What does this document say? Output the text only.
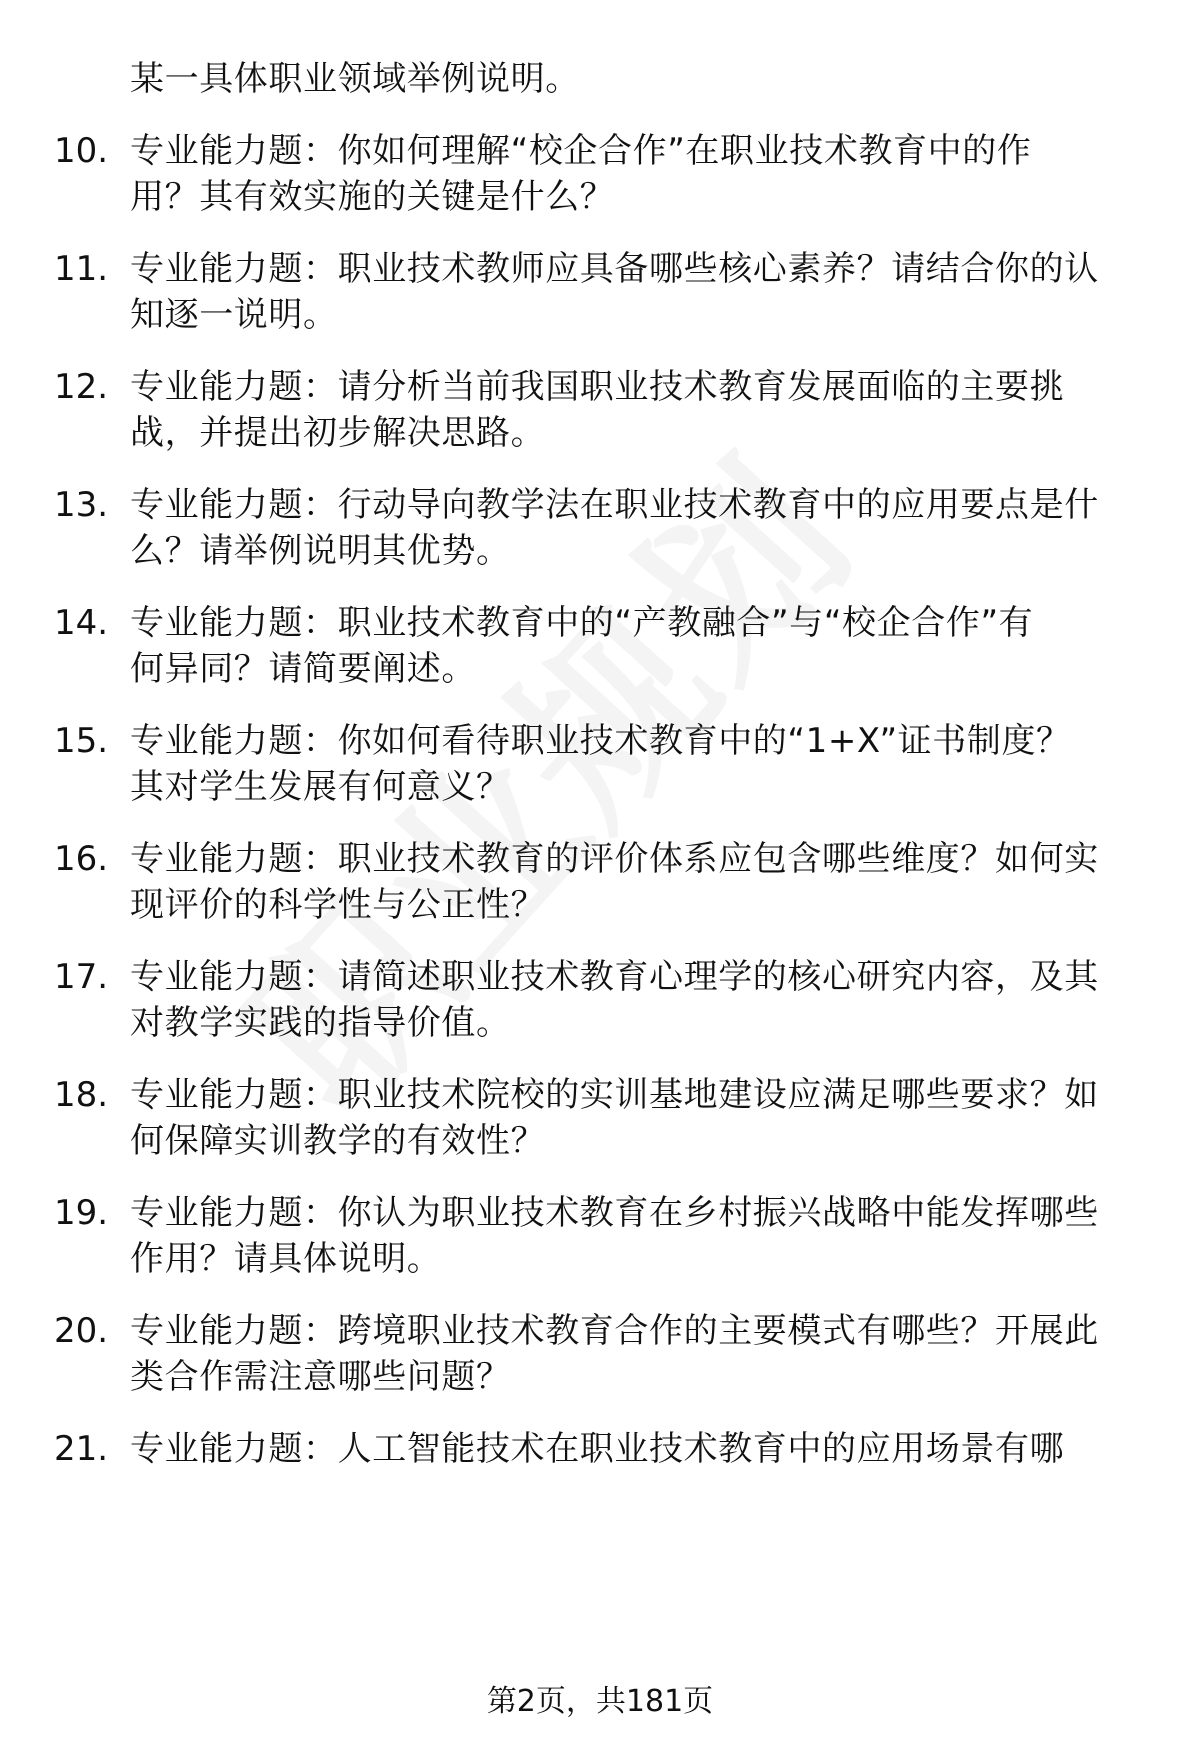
某一具体职业领域举例说明。
10. 专业能力题：你如何理解“校企合作”在职业技术教育中的作
用？其有效实施的关键是什么？
11. 专业能力题：职业技术教师应具备哪些核心素养？请结合你的认
知逐一说明。
12. 专业能力题：请分析当前我国职业技术教育发展面临的主要挑
战，并提出初步解决思路。
13. 专业能力题：行动导向教学法在职业技术教育中的应用要点是什
么？请举例说明其优势。
14. 专业能力题：职业技术教育中的“产教融合”与“校企合作”有
何异同？请简要阐述。
15. 专业能力题：你如何看待职业技术教育中的“1+X”证书制度？
其对学生发展有何意义？
16. 专业能力题：职业技术教育的评价体系应包含哪些维度？如何实
现评价的科学性与公正性？
17. 专业能力题：请简述职业技术教育心理学的核心研究内容，及其
对教学实践的指导价值。
18. 专业能力题：职业技术院校的实训基地建设应满足哪些要求？如
何保障实训教学的有效性？
19. 专业能力题：你认为职业技术教育在乡村振兴战略中能发挥哪些
作用？请具体说明。
20. 专业能力题：跨境职业技术教育合作的主要模式有哪些？开展此
类合作需注意哪些问题？
21. 专业能力题：人工智能技术在职业技术教育中的应用场景有哪
第2页，共181页
